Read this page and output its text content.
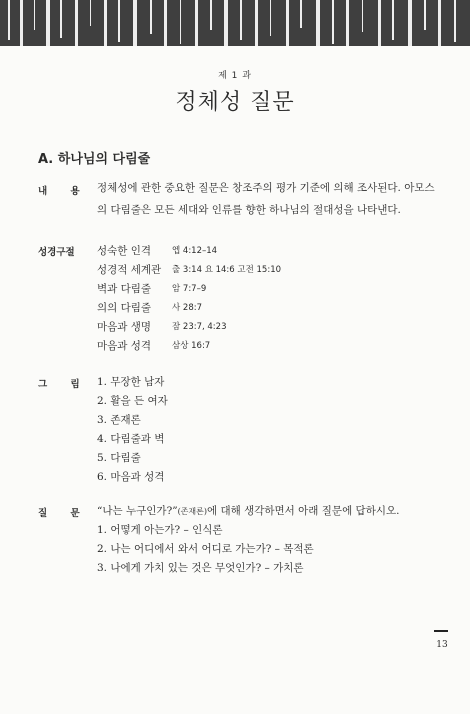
제 1 과
정체성 질문
A. 하나님의 다림줄
내 용 정체성에 관한 중요한 질문은 창조주의 평가 기준에 의해 조사된다. 아모스의 다림줄은 모든 세대와 인류를 향한 하나님의 절대성을 나타낸다.
성경구절 성숙한 인격 엡 4:12–14
성경적 세계관 출 3:14 요 14:6 고전 15:10
벽과 다림줄 암 7:7–9
의의 다림줄 사 28:7
마음과 생명 잠 23:7, 4:23
마음과 성격 삼상 16:7
그 림 1. 무장한 남자
2. 활을 든 여자
3. 존재론
4. 다림줄과 벽
5. 다림줄
6. 마음과 성격
질 문 “나는 누구인가?”(존재론)에 대해 생각하면서 아래 질문에 답하시오.
1. 어떻게 아는가? – 인식론
2. 나는 어디에서 와서 어디로 가는가? – 목적론
3. 나에게 가치 있는 것은 무엇인가? – 가치론
13
